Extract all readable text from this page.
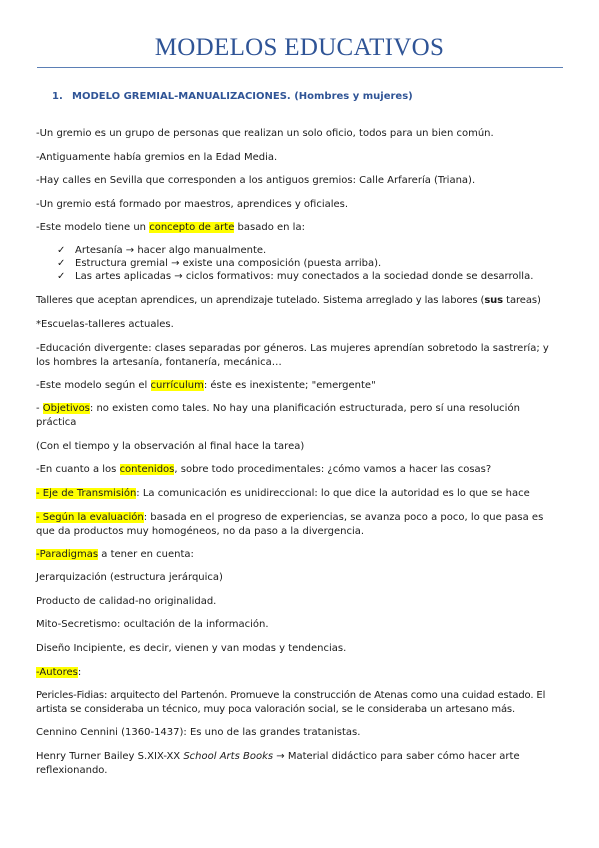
MODELOS EDUCATIVOS
1. MODELO GREMIAL-MANUALIZACIONES. (Hombres y mujeres)
-Un gremio es un grupo de personas que realizan un solo oficio, todos para un bien común.
-Antiguamente había gremios en la Edad Media.
-Hay calles en Sevilla que corresponden a los antiguos gremios: Calle Arfarería (Triana).
-Un gremio está formado por maestros, aprendices y oficiales.
-Este modelo tiene un concepto de arte basado en la:
✓ Artesanía → hacer algo manualmente.
✓ Estructura gremial → existe una composición (puesta arriba).
✓ Las artes aplicadas → ciclos formativos: muy conectados a la sociedad donde se desarrolla.
Talleres que aceptan aprendices, un aprendizaje tutelado. Sistema arreglado y las labores (sus tareas)
*Escuelas-talleres actuales.
-Educación divergente: clases separadas por géneros. Las mujeres aprendían sobretodo la sastrería; y los hombres la artesanía, fontanería, mecánica…
-Este modelo según el currículum: éste es inexistente; "emergente"
- Objetivos: no existen como tales. No hay una planificación estructurada, pero sí una resolución práctica
(Con el tiempo y la observación al final hace la tarea)
-En cuanto a los contenidos, sobre todo procedimentales: ¿cómo vamos a hacer las cosas?
- Eje de Transmisión: La comunicación es unidireccional: lo que dice la autoridad es lo que se hace
- Según la evaluación: basada en el progreso de experiencias, se avanza poco a poco, lo que pasa es que da productos muy homogéneos, no da paso a la divergencia.
-Paradigmas a tener en cuenta:
Jerarquización (estructura jerárquica)
Producto de calidad-no originalidad.
Mito-Secretismo: ocultación de la información.
Diseño Incipiente, es decir, vienen y van modas y tendencias.
-Autores:
Pericles-Fidias: arquitecto del Partenón. Promueve la construcción de Atenas como una cuidad estado. El artista se consideraba un técnico, muy poca valoración social, se le consideraba un artesano más.
Cennino Cennini (1360-1437): Es uno de las grandes tratanistas.
Henry Turner Bailey S.XIX-XX School Arts Books → Material didáctico para saber cómo hacer arte reflexionando.
